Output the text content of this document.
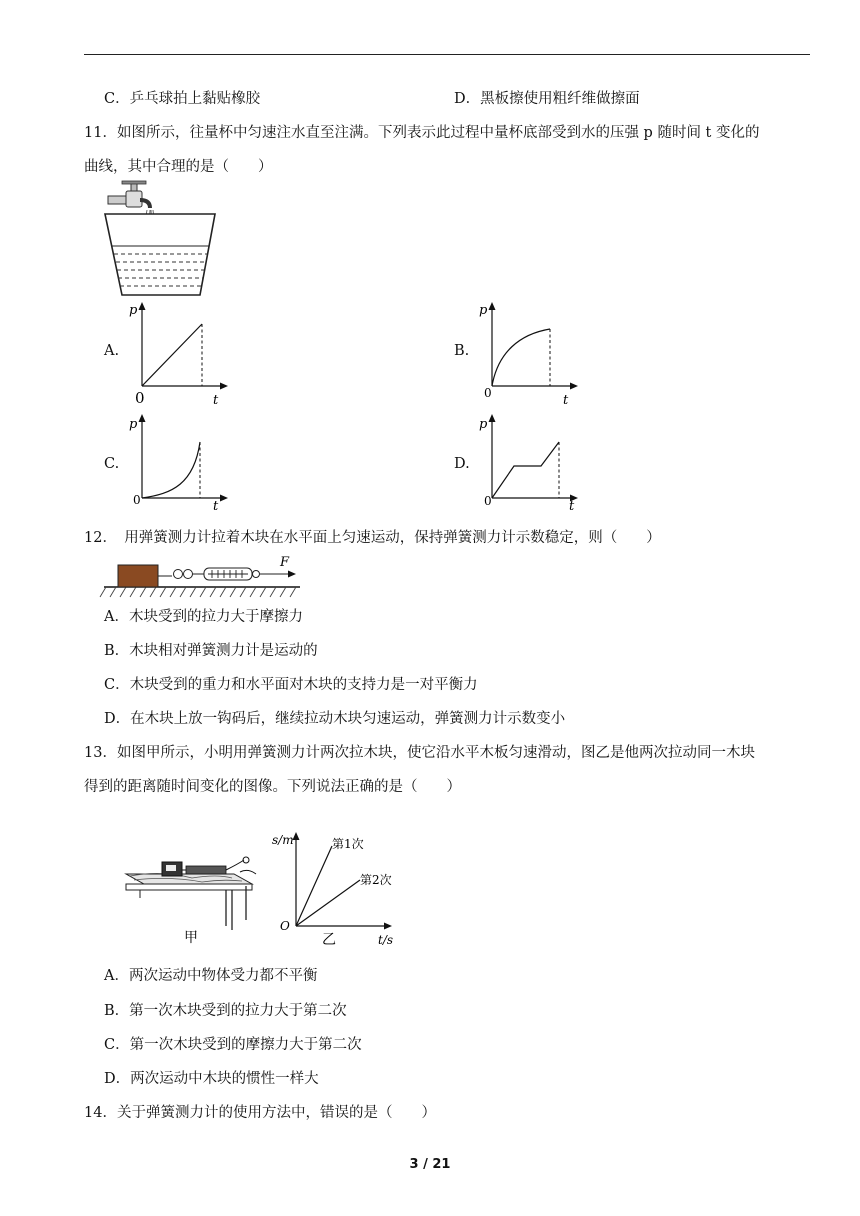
C．乒乓球拍上黏贴橡胶	D．黑板擦使用粗纤维做擦面
11．如图所示，往量杯中匀速注水直至注满。下列表示此过程中量杯底部受到水的压强 p 随时间 t 变化的
曲线，其中合理的是（　　）
A.
p
0	t
B.
p
0	t
C.
p
0	t
D.
p
0	t
12．　用弹簧测力计拉着木块在水平面上匀速运动，保持弹簧测力计示数稳定，则（　　）
F
A．木块受到的拉力大于摩擦力
B．木块相对弹簧测力计是运动的
C．木块受到的重力和水平面对木块的支持力是一对平衡力
D．在木块上放一钩码后，继续拉动木块匀速运动，弹簧测力计示数变小
13．如图甲所示，小明用弹簧测力计两次拉木块，使它沿水平木板匀速滑动，图乙是他两次拉动同一木块
得到的距离随时间变化的图像。下列说法正确的是（　　）
甲
s/m
O
t/s
第1次
第2次
乙
A．两次运动中物体受力都不平衡
B．第一次木块受到的拉力大于第二次
C．第一次木块受到的摩擦力大于第二次
D．两次运动中木块的惯性一样大
14．关于弹簧测力计的使用方法中，错误的是（　　）
3 / 21
